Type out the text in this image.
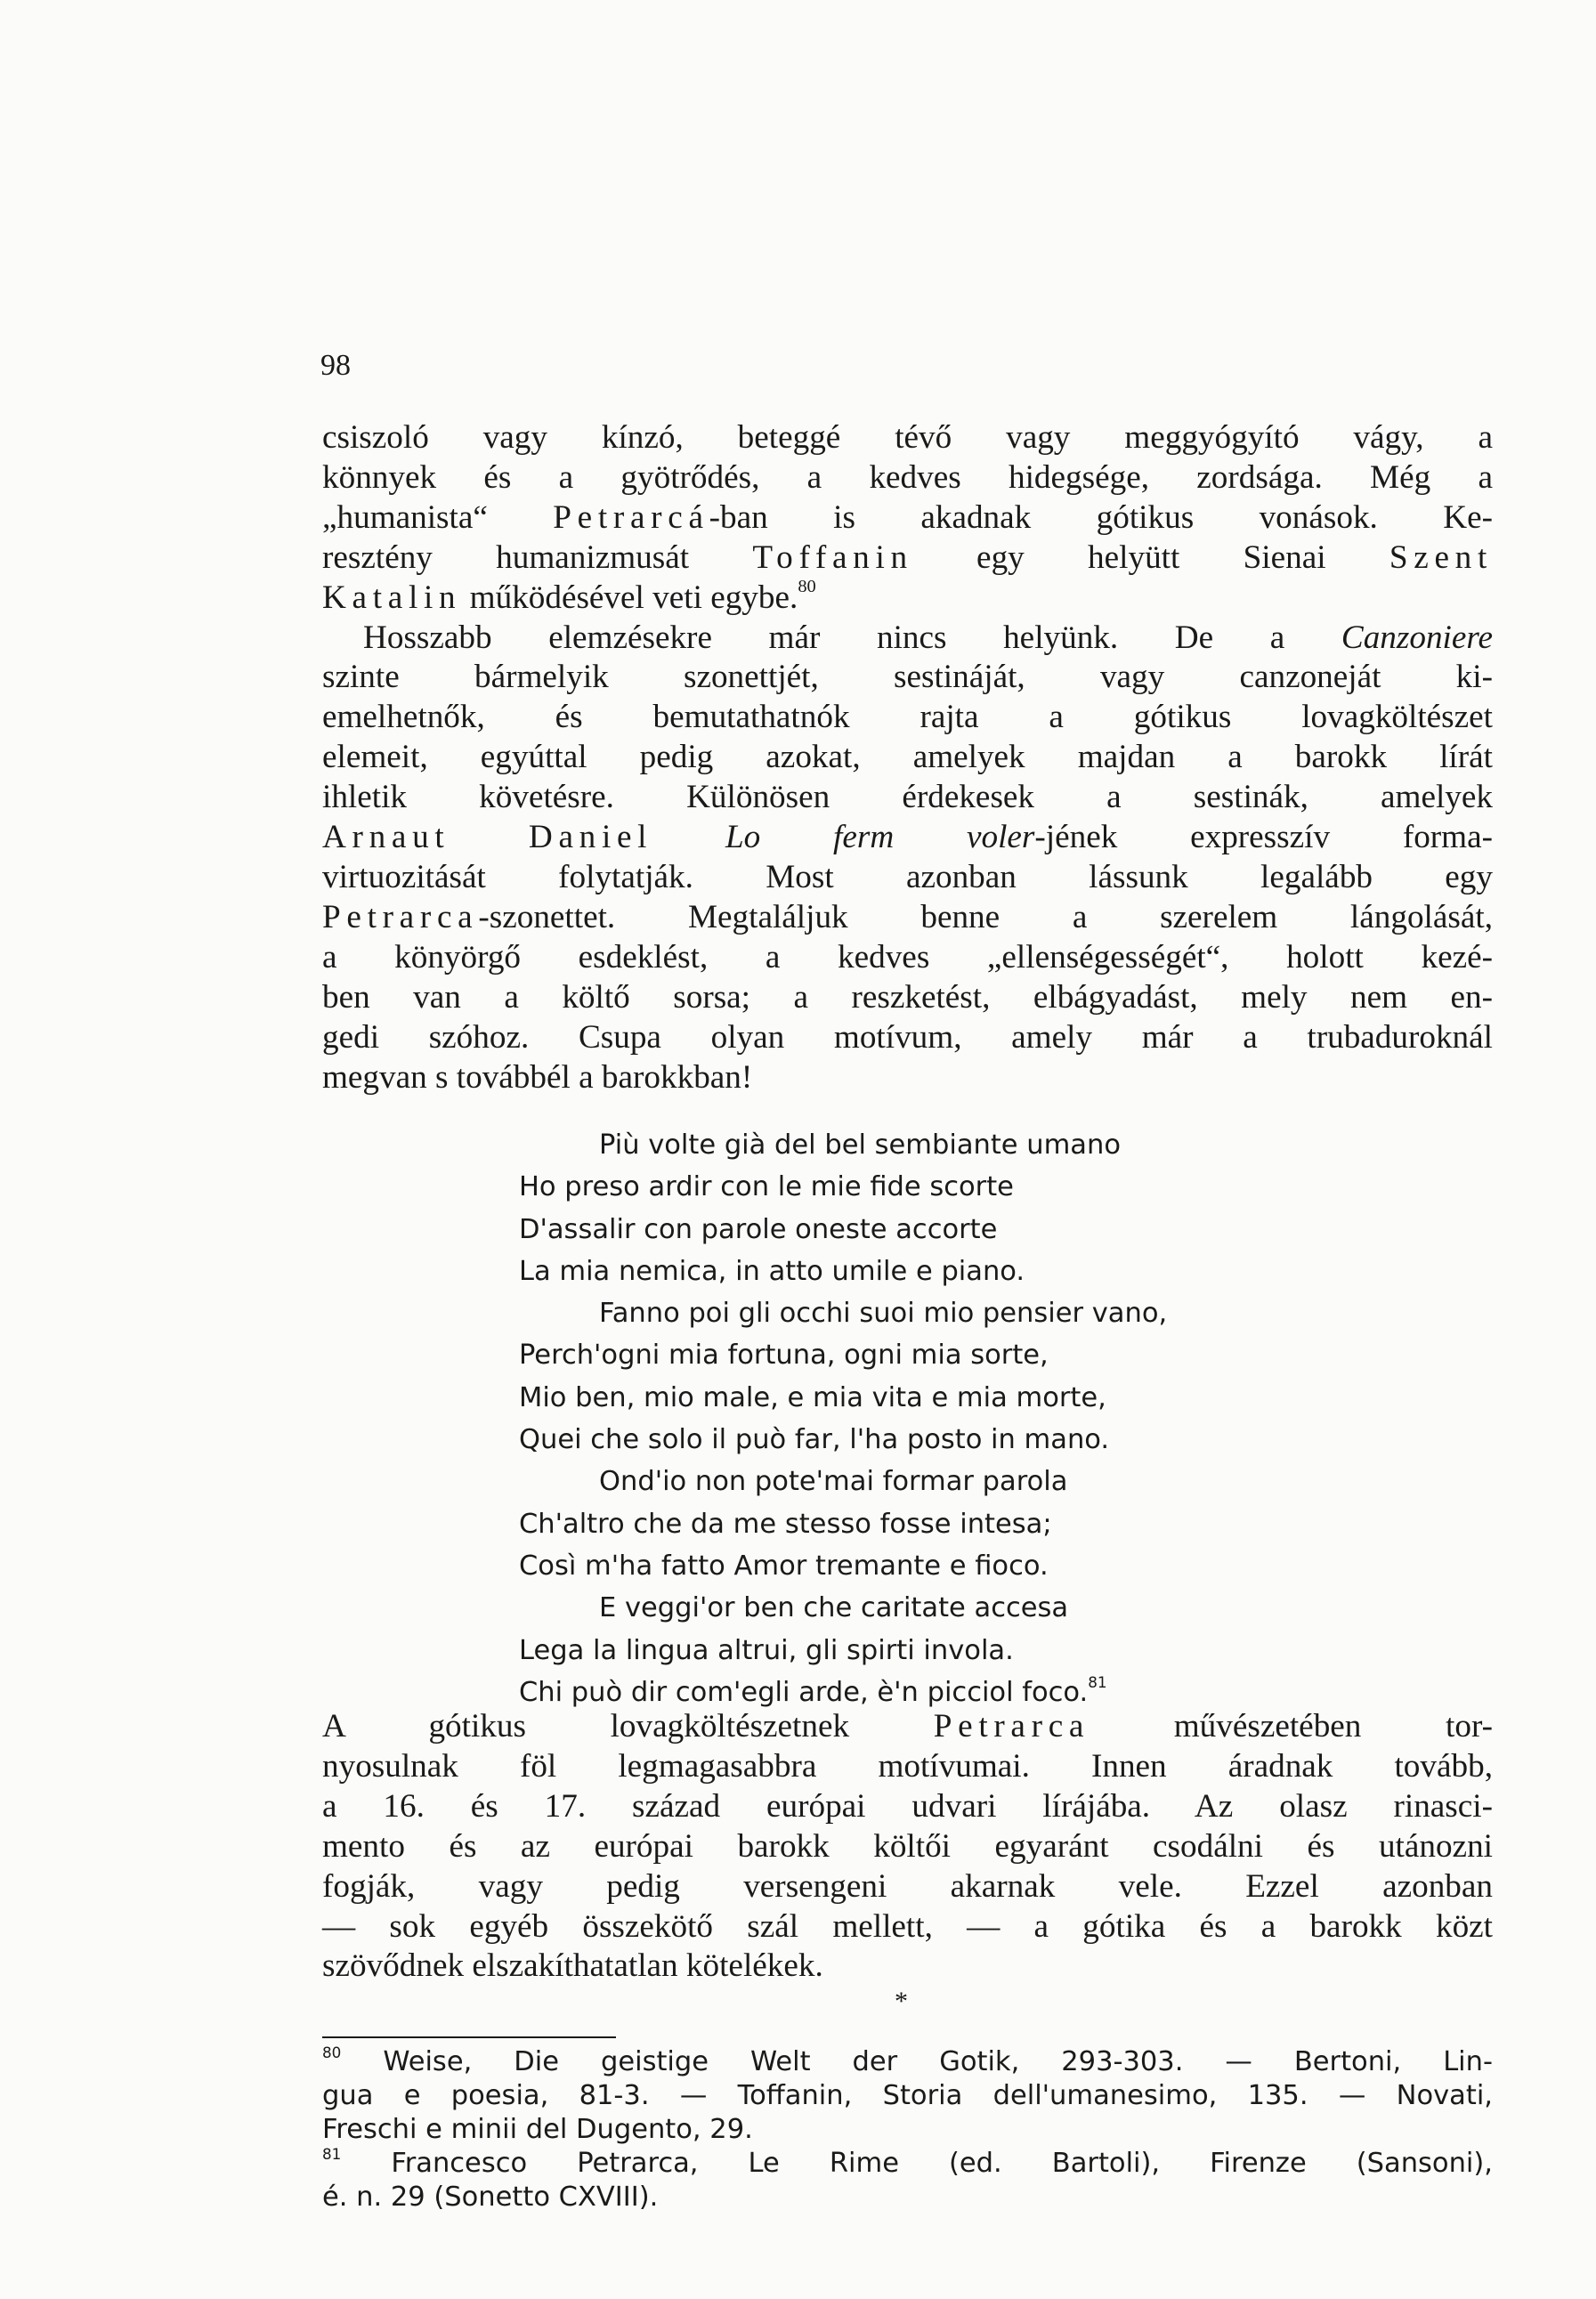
98
csiszoló vagy kínzó, beteggé tévő vagy meggyógyító vágy, a
könnyek és a gyötrődés, a kedves hidegsége, zordsága. Még a
„humanista“ Petrarcá-ban is akadnak gótikus vonások. Ke-
resztény humanizmusát Toffanin egy helyütt Sienai Szent
Katalin működésével veti egybe.$^{80}$
Hosszabb elemzésekre már nincs helyünk. De a Canzoniere
szinte bármelyik szonettjét, sestináját, vagy canzoneját ki-
emelhetnők, és bemutathatnók rajta a gótikus lovagköltészet
elemeit, egyúttal pedig azokat, amelyek majdan a barokk lírát
ihletik követésre. Különösen érdekesek a sestinák, amelyek
Arnaut Daniel Lo ferm voler-jének expresszív forma-
virtuozitását folytatják. Most azonban lássunk legalább egy
Petrarca-szonettet. Megtaláljuk benne a szerelem lángolását,
a könyörgő esdeklést, a kedves „ellenségességét“, holott kezé-
ben van a költő sorsa; a reszketést, elbágyadást, mely nem en-
gedi szóhoz. Csupa olyan motívum, amely már a trubaduroknál
megvan s továbbél a barokkban!
Più volte già del bel sembiante umano
Ho preso ardir con le mie fide scorte
D'assalir con parole oneste accorte
La mia nemica, in atto umile e piano.
Fanno poi gli occhi suoi mio pensier vano,
Perch'ogni mia fortuna, ogni mia sorte,
Mio ben, mio male, e mia vita e mia morte,
Quei che solo il può far, l'ha posto in mano.
Ond'io non pote'mai formar parola
Ch'altro che da me stesso fosse intesa;
Così m'ha fatto Amor tremante e fioco.
E veggi'or ben che caritate accesa
Lega la lingua altrui, gli spirti invola.
Chi può dir com'egli arde, è'n picciol foco.$^{81}$
A gótikus lovagköltészetnek Petrarca művészetében tor-
nyosulnak föl legmagasabbra motívumai. Innen áradnak tovább,
a 16. és 17. század európai udvari lírájába. Az olasz rinasci-
mento és az európai barokk költői egyaránt csodálni és utánozni
fogják, vagy pedig versengeni akarnak vele. Ezzel azonban
— sok egyéb összekötő szál mellett, — a gótika és a barokk közt
szövődnek elszakíthatatlan kötelékek.
*
$^{80}$ Weise, Die geistige Welt der Gotik, 293-303. — Bertoni, Lin-
gua e poesia, 81-3. — Toffanin, Storia dell'umanesimo, 135. — Novati,
Freschi e minii del Dugento, 29.
$^{81}$ Francesco Petrarca, Le Rime (ed. Bartoli), Firenze (Sansoni),
é. n. 29 (Sonetto CXVIII).
